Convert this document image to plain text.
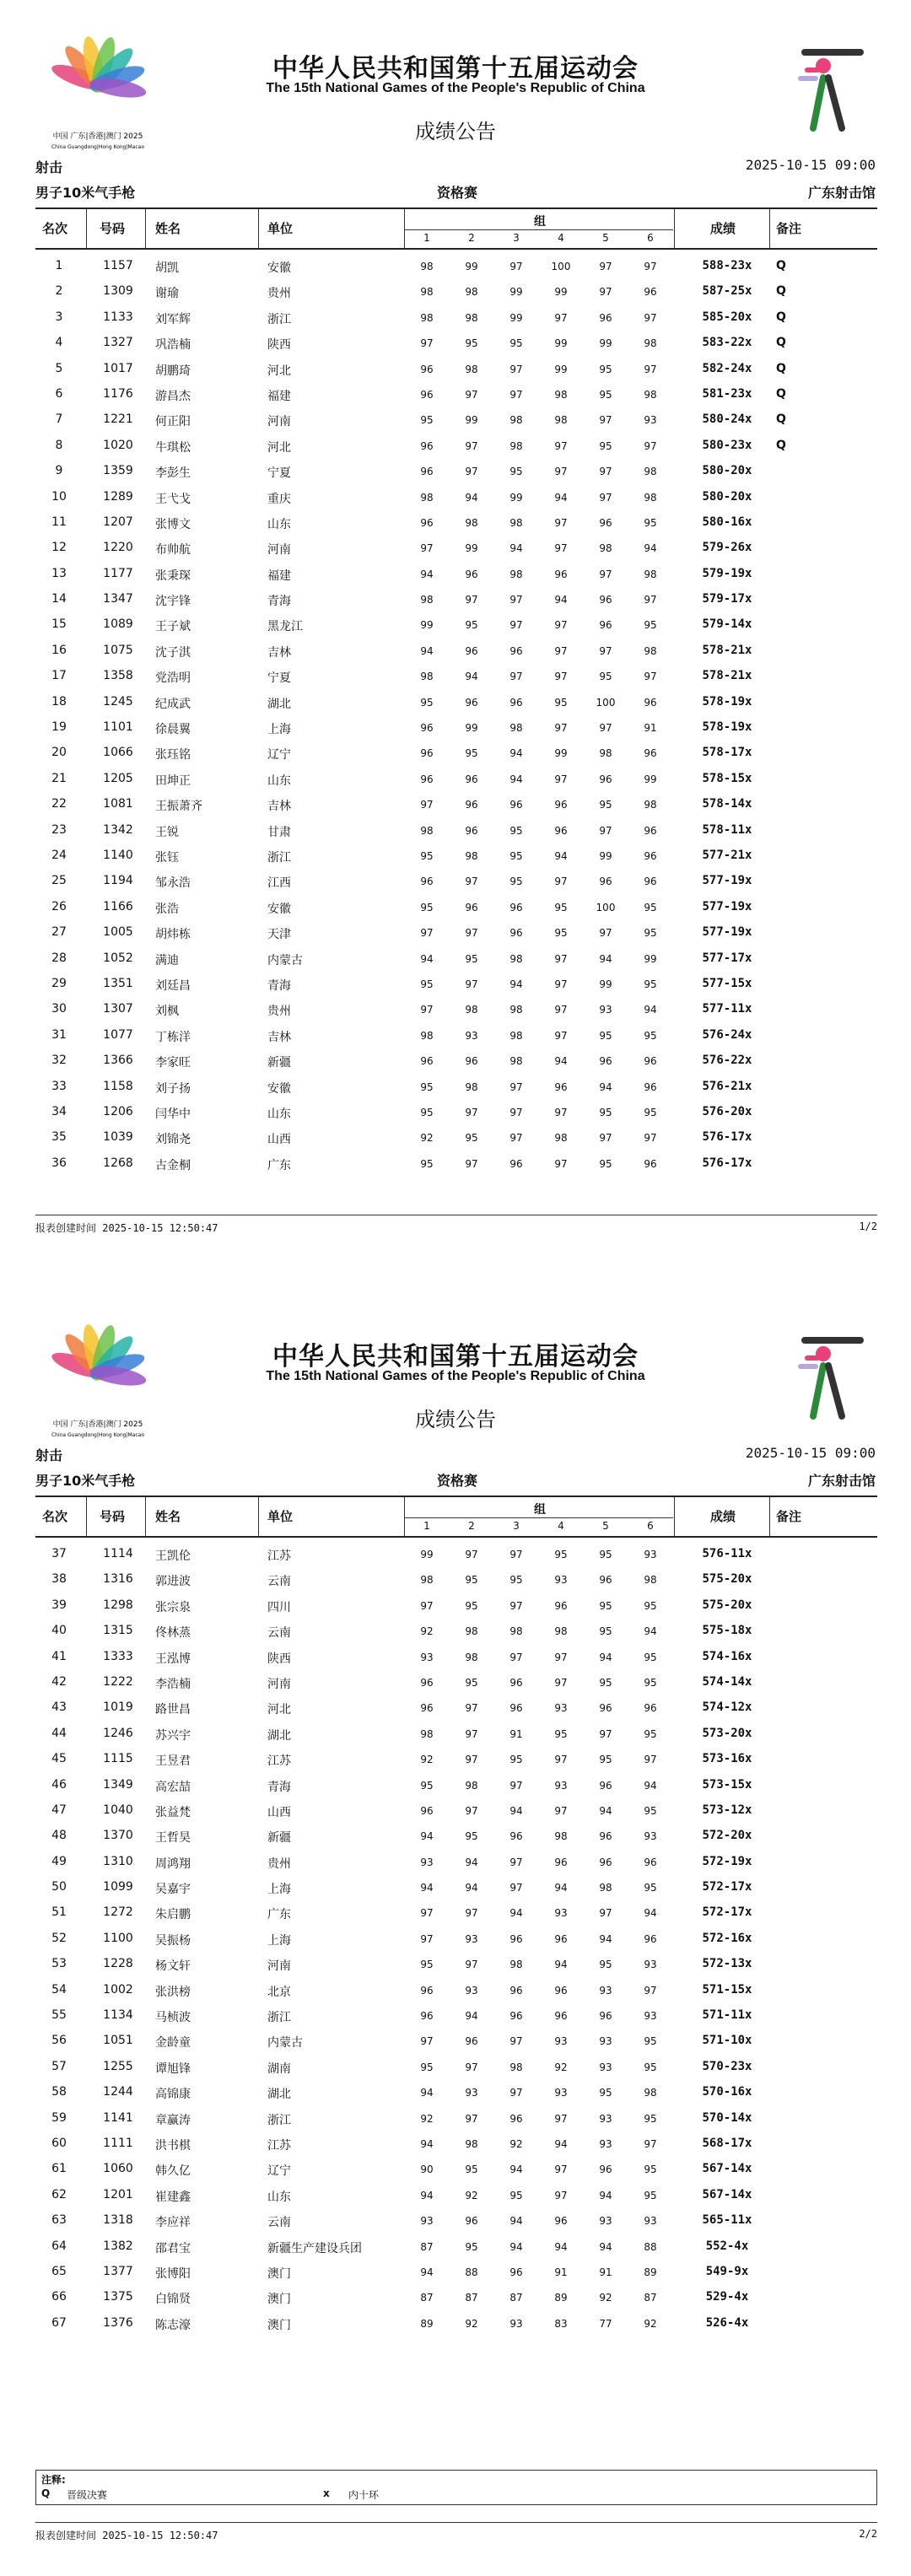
中国 广东|香港|澳门 2025
China Guangdong|Hong Kong|Macao
中华人民共和国第十五届运动会
The 15th National Games of the People's Republic of China
成绩公告
射击	2025-10-15 09:00
男子10米气手枪	资格赛	广东射击馆
名次	号码 姓名	单位	组
1	2	3	4	5	6
成绩	备注
1	1157	胡凯	安徽	98	99	97	100	97	97	588-23x	Q
2	1309	谢瑜	贵州	98	98	99	99	97	96	587-25x	Q
3	1133	刘军辉	浙江	98	98	99	97	96	97	585-20x	Q
4	1327	巩浩楠	陕西	97	95	95	99	99	98	583-22x	Q
5	1017	胡鹏琦	河北	96	98	97	99	95	97	582-24x	Q
6	1176	游昌杰	福建	96	97	97	98	95	98	581-23x	Q
7	1221	何正阳	河南	95	99	98	98	97	93	580-24x	Q
8	1020	牛琪松	河北	96	97	98	97	95	97	580-23x	Q
9	1359	李彭生	宁夏	96	97	95	97	97	98	580-20x
10	1289	王弋戈	重庆	98	94	99	94	97	98	580-20x
11	1207	张博文	山东	96	98	98	97	96	95	580-16x
12	1220	布帅航	河南	97	99	94	97	98	94	579-26x
13	1177	张秉琛	福建	94	96	98	96	97	98	579-19x
14	1347	沈宇锋	青海	98	97	97	94	96	97	579-17x
15	1089	王子斌	黑龙江	99	95	97	97	96	95	579-14x
16	1075	沈子淇	吉林	94	96	96	97	97	98	578-21x
17	1358	党浩明	宁夏	98	94	97	97	95	97	578-21x
18	1245	纪成武	湖北	95	96	96	95	100	96	578-19x
19	1101	徐晨翼	上海	96	99	98	97	97	91	578-19x
20	1066	张珏铭	辽宁	96	95	94	99	98	96	578-17x
21	1205	田坤正	山东	96	96	94	97	96	99	578-15x
22	1081	王振萧齐	吉林	97	96	96	96	95	98	578-14x
23	1342	王锐	甘肃	98	96	95	96	97	96	578-11x
24	1140	张钰	浙江	95	98	95	94	99	96	577-21x
25	1194	邹永浩	江西	96	97	95	97	96	96	577-19x
26	1166	张浩	安徽	95	96	96	95	100	95	577-19x
27	1005	胡炜栋	天津	97	97	96	95	97	95	577-19x
28	1052	满迪	内蒙古	94	95	98	97	94	99	577-17x
29	1351	刘廷昌	青海	95	97	94	97	99	95	577-15x
30	1307	刘枫	贵州	97	98	98	97	93	94	577-11x
31	1077	丁栋洋	吉林	98	93	98	97	95	95	576-24x
32	1366	李家旺	新疆	96	96	98	94	96	96	576-22x
33	1158	刘子扬	安徽	95	98	97	96	94	96	576-21x
34	1206	闫华中	山东	95	97	97	97	95	95	576-20x
35	1039	刘锦尧	山西	92	95	97	98	97	97	576-17x
36	1268	古金桐	广东	95	97	96	97	95	96	576-17x
报表创建时间 2025-10-15 12:50:47	1/2
中国 广东|香港|澳门 2025
China Guangdong|Hong Kong|Macao
中华人民共和国第十五届运动会
The 15th National Games of the People's Republic of China
成绩公告
射击	2025-10-15 09:00
男子10米气手枪	资格赛	广东射击馆
名次	号码 姓名	单位	组
1	2	3	4	5	6
成绩	备注
37	1114	王凯伦	江苏	99	97	97	95	95	93	576-11x
38	1316	郭进波	云南	98	95	95	93	96	98	575-20x
39	1298	张宗泉	四川	97	95	97	96	95	95	575-20x
40	1315	佟林蒸	云南	92	98	98	98	95	94	575-18x
41	1333	王泓博	陕西	93	98	97	97	94	95	574-16x
42	1222	李浩楠	河南	96	95	96	97	95	95	574-14x
43	1019	路世昌	河北	96	97	96	93	96	96	574-12x
44	1246	苏兴宇	湖北	98	97	91	95	97	95	573-20x
45	1115	王昱君	江苏	92	97	95	97	95	97	573-16x
46	1349	高宏喆	青海	95	98	97	93	96	94	573-15x
47	1040	张益梵	山西	96	97	94	97	94	95	573-12x
48	1370	王哲昊	新疆	94	95	96	98	96	93	572-20x
49	1310	周鸿翔	贵州	93	94	97	96	96	96	572-19x
50	1099	吴嘉宇	上海	94	94	97	94	98	95	572-17x
51	1272	朱启鹏	广东	97	97	94	93	97	94	572-17x
52	1100	吴振杨	上海	97	93	96	96	94	96	572-16x
53	1228	杨文轩	河南	95	97	98	94	95	93	572-13x
54	1002	张洪榜	北京	96	93	96	96	93	97	571-15x
55	1134	马桢波	浙江	96	94	96	96	96	93	571-11x
56	1051	金龄童	内蒙古	97	96	97	93	93	95	571-10x
57	1255	谭旭锋	湖南	95	97	98	92	93	95	570-23x
58	1244	高锦康	湖北	94	93	97	93	95	98	570-16x
59	1141	章赢涛	浙江	92	97	96	97	93	95	570-14x
60	1111	洪书棋	江苏	94	98	92	94	93	97	568-17x
61	1060	韩久亿	辽宁	90	95	94	97	96	95	567-14x
62	1201	崔建鑫	山东	94	92	95	97	94	95	567-14x
63	1318	李应祥	云南	93	96	94	96	93	93	565-11x
64	1382	邵君宝	新疆生产建设兵团	87	95	94	94	94	88	552-4x
65	1377	张博阳	澳门	94	88	96	91	91	89	549-9x
66	1375	白锦贤	澳门	87	87	87	89	92	87	529-4x
67	1376	陈志濠	澳门	89	92	93	83	77	92	526-4x
注释:
Q 晋级决赛	x 内十环
报表创建时间 2025-10-15 12:50:47	2/2
